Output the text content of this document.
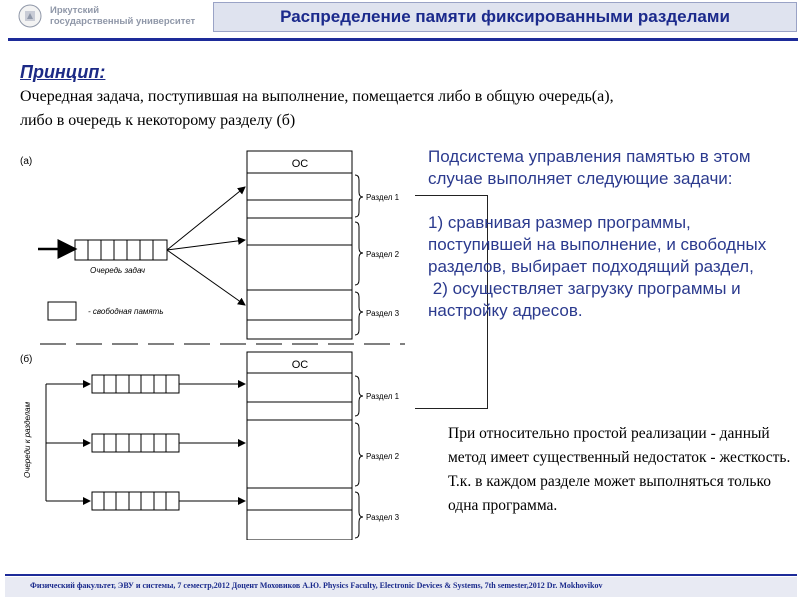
Иркутский
государственный университет	Распределение памяти фиксированными разделами
Принцип:
Очередная задача, поступившая на выполнение, помещается либо в общую очередь(а),
либо в очередь к некоторому разделу (б)
(а)	ОС
Раздел 1
Раздел 2
Раздел 3
Очередь задач
- свободная память
(б)	ОС
Раздел 1
Раздел 2
Раздел 3
Очереди к разделам

Подсистема управления памятью в этом случае выполняет следующие задачи:

1) сравнивая размер программы, поступившей на выполнение, и свободных разделов, выбирает подходящий раздел,

2) осуществляет загрузку программы и настройку адресов.

При относительно простой реализации - данный метод имеет существенный недостаток - жесткость. Т.к. в каждом разделе может выполняться только одна программа.
Физический факультет, ЭВУ и системы, 7 семестр,2012 Доцент Моховиков А.Ю. Physics Faculty, Electronic Devices & Systems, 7th semester,2012 Dr. Mokhovikov
